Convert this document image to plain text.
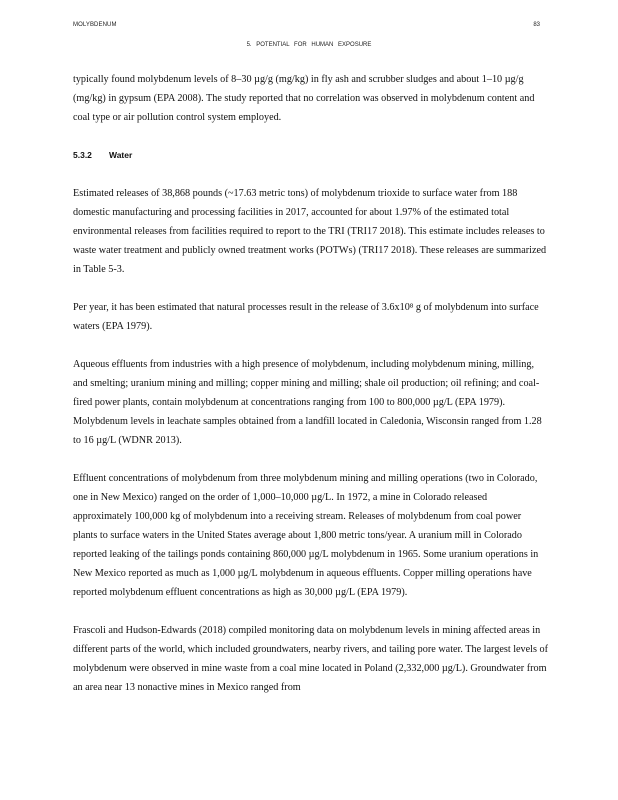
MOLYBDENUM	83
5. POTENTIAL FOR HUMAN EXPOSURE

typically found molybdenum levels of 8–30 µg/g (mg/kg) in fly ash and scrubber sludges and about 1–10 µg/g (mg/kg) in gypsum (EPA 2008). The study reported that no correlation was observed in molybdenum content and coal type or air pollution control system employed.

5.3.2 Water

Estimated releases of 38,868 pounds (~17.63 metric tons) of molybdenum trioxide to surface water from 188 domestic manufacturing and processing facilities in 2017, accounted for about 1.97% of the estimated total environmental releases from facilities required to report to the TRI (TRI17 2018). This estimate includes releases to waste water treatment and publicly owned treatment works (POTWs) (TRI17 2018). These releases are summarized in Table 5-3.

Per year, it has been estimated that natural processes result in the release of 3.6x10⁸ g of molybdenum into surface waters (EPA 1979).

Aqueous effluents from industries with a high presence of molybdenum, including molybdenum mining, milling, and smelting; uranium mining and milling; copper mining and milling; shale oil production; oil refining; and coal-fired power plants, contain molybdenum at concentrations ranging from 100 to 800,000 µg/L (EPA 1979). Molybdenum levels in leachate samples obtained from a landfill located in Caledonia, Wisconsin ranged from 1.28 to 16 µg/L (WDNR 2013).

Effluent concentrations of molybdenum from three molybdenum mining and milling operations (two in Colorado, one in New Mexico) ranged on the order of 1,000–10,000 µg/L. In 1972, a mine in Colorado released approximately 100,000 kg of molybdenum into a receiving stream. Releases of molybdenum from coal power plants to surface waters in the United States average about 1,800 metric tons/year. A uranium mill in Colorado reported leaking of the tailings ponds containing 860,000 µg/L molybdenum in 1965. Some uranium operations in New Mexico reported as much as 1,000 µg/L molybdenum in aqueous effluents. Copper milling operations have reported molybdenum effluent concentrations as high as 30,000 µg/L (EPA 1979).

Frascoli and Hudson-Edwards (2018) compiled monitoring data on molybdenum levels in mining affected areas in different parts of the world, which included groundwaters, nearby rivers, and tailing pore water. The largest levels of molybdenum were observed in mine waste from a coal mine located in Poland (2,332,000 µg/L). Groundwater from an area near 13 nonactive mines in Mexico ranged from
